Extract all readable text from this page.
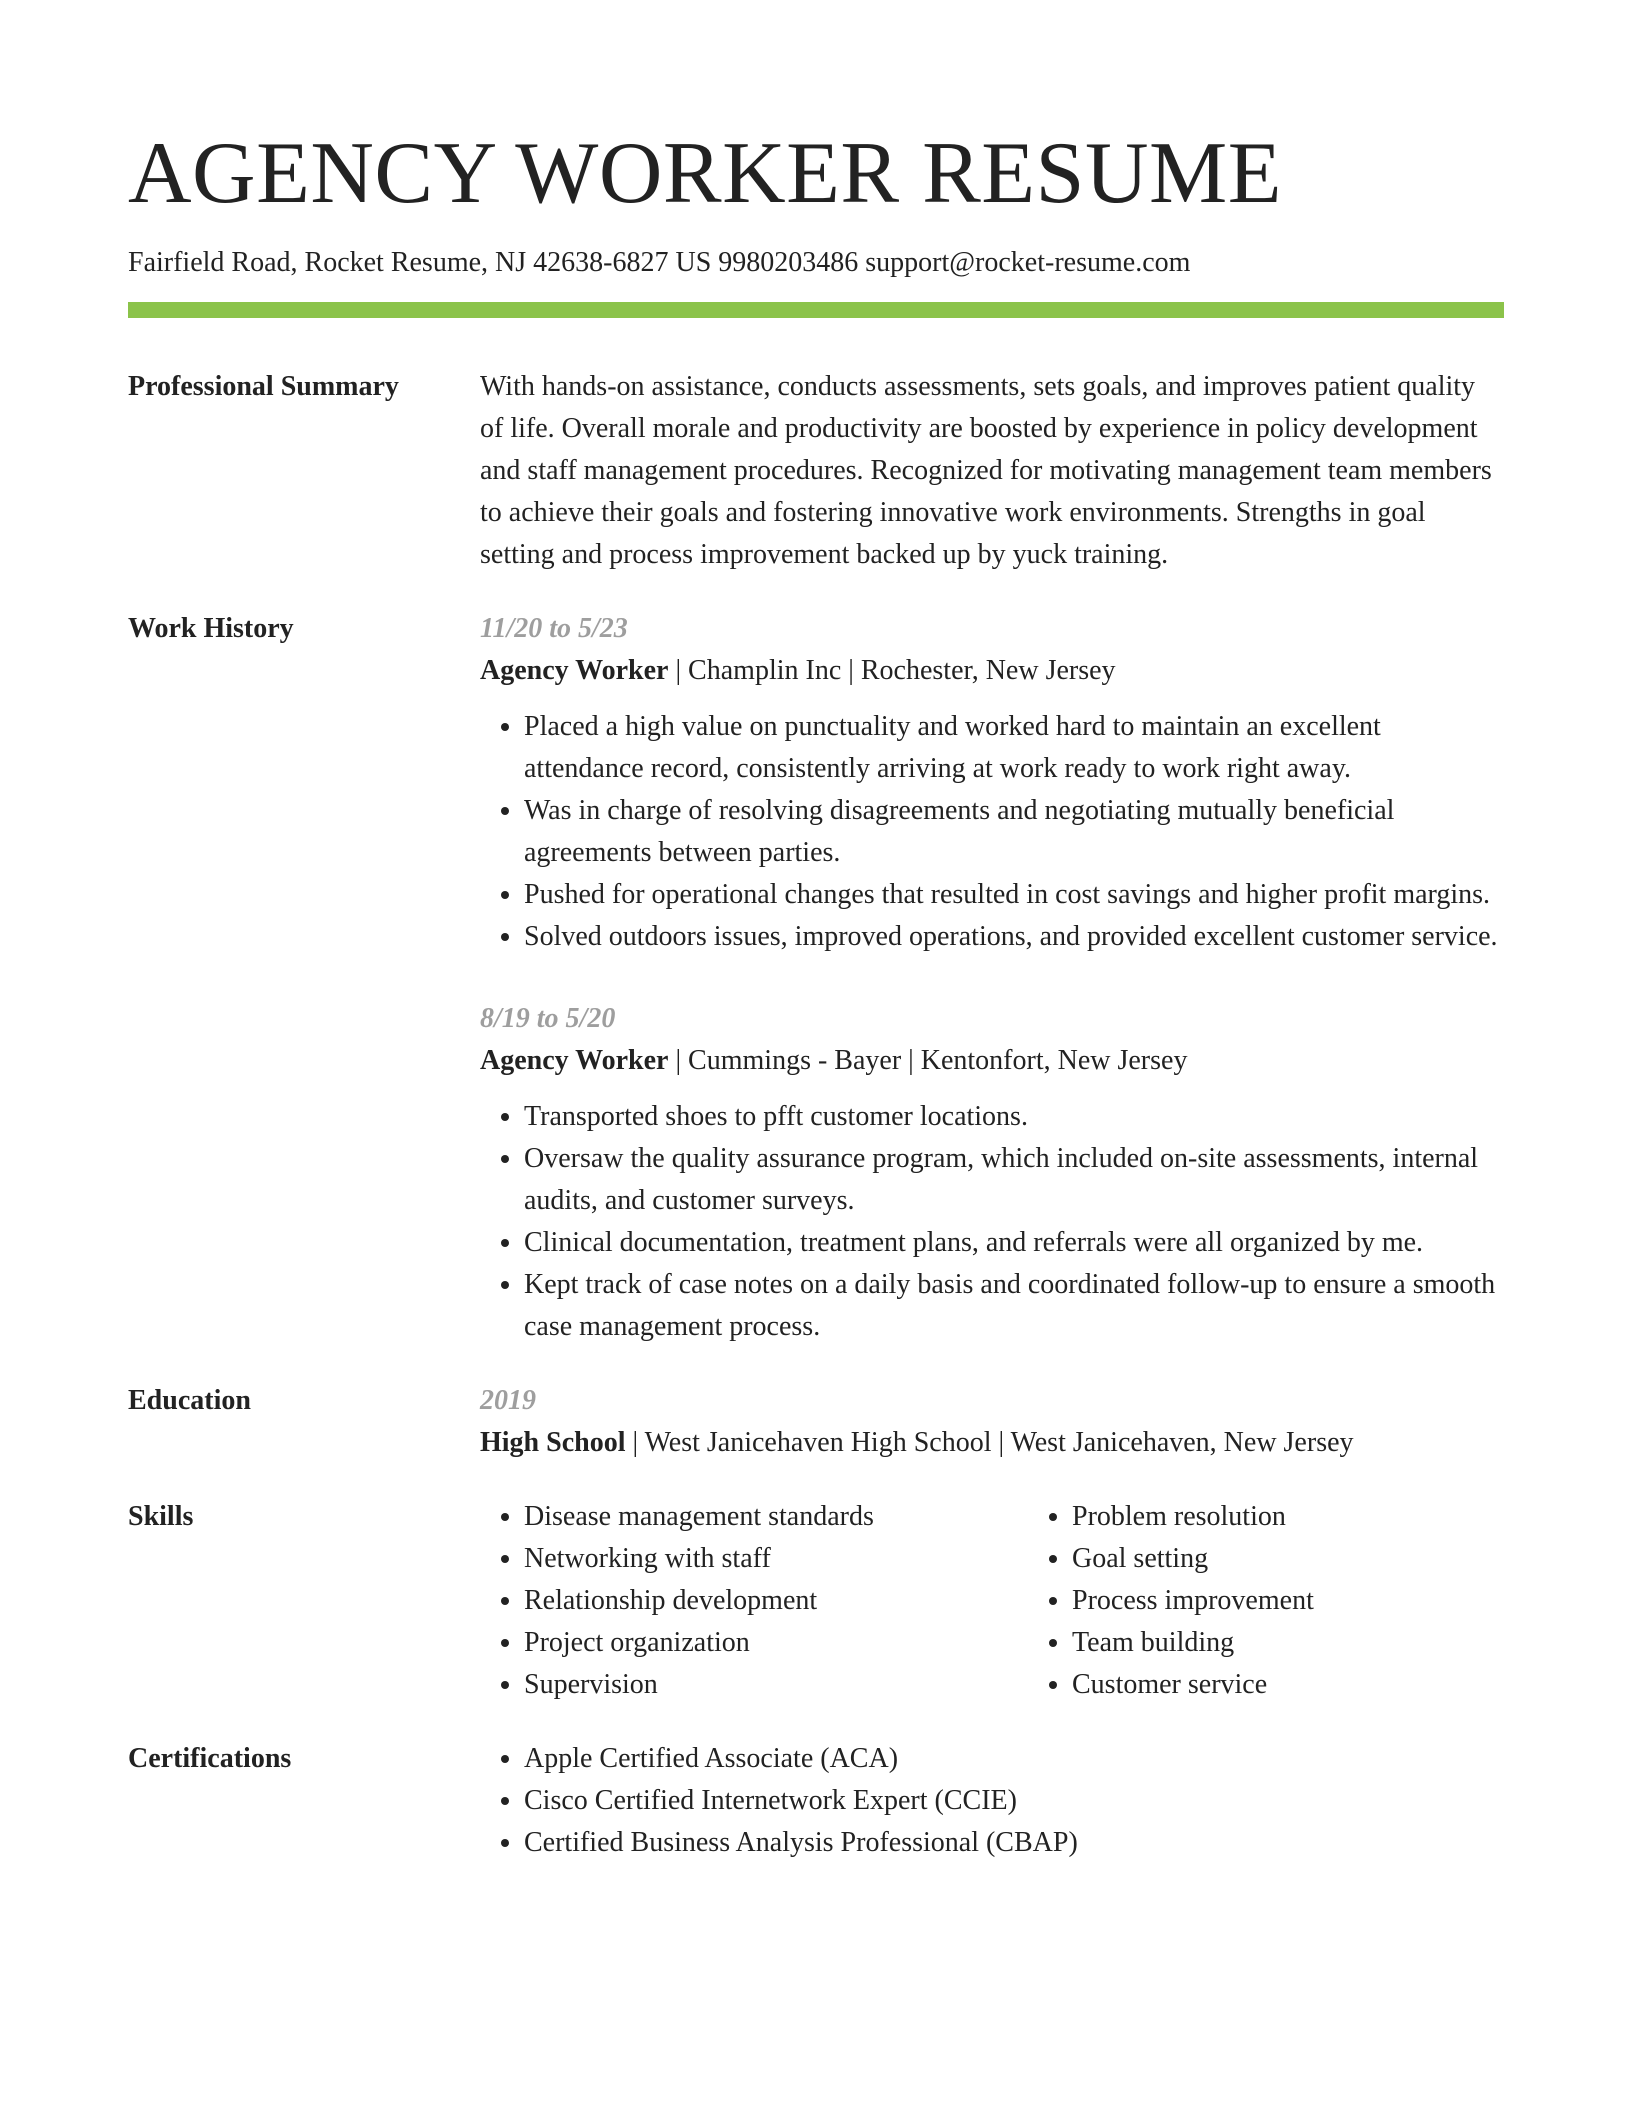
AGENCY WORKER RESUME
Fairfield Road, Rocket Resume, NJ 42638-6827 US 9980203486 support@rocket-resume.com
Professional Summary	With hands-on assistance, conducts assessments, sets goals, and improves patient quality of life. Overall morale and productivity are boosted by experience in policy development and staff management procedures. Recognized for motivating management team members to achieve their goals and fostering innovative work environments. Strengths in goal setting and process improvement backed up by yuck training.

Work History	11/20 to 5/23
Agency Worker | Champlin Inc | Rochester, New Jersey
• Placed a high value on punctuality and worked hard to maintain an excellent attendance record, consistently arriving at work ready to work right away.
• Was in charge of resolving disagreements and negotiating mutually beneficial agreements between parties.
• Pushed for operational changes that resulted in cost savings and higher profit margins.
• Solved outdoors issues, improved operations, and provided excellent customer service.
8/19 to 5/20
Agency Worker | Cummings - Bayer | Kentonfort, New Jersey
• Transported shoes to pfft customer locations.
• Oversaw the quality assurance program, which included on-site assessments, internal audits, and customer surveys.
• Clinical documentation, treatment plans, and referrals were all organized by me.
• Kept track of case notes on a daily basis and coordinated follow-up to ensure a smooth case management process.
Education	2019
High School | West Janicehaven High School | West Janicehaven, New Jersey
Skills	• Disease management standards
• Networking with staff
• Relationship development
• Project organization
• Supervision
• Problem resolution
• Goal setting
• Process improvement
• Team building
• Customer service
Certifications	• Apple Certified Associate (ACA)
• Cisco Certified Internetwork Expert (CCIE)
• Certified Business Analysis Professional (CBAP)
